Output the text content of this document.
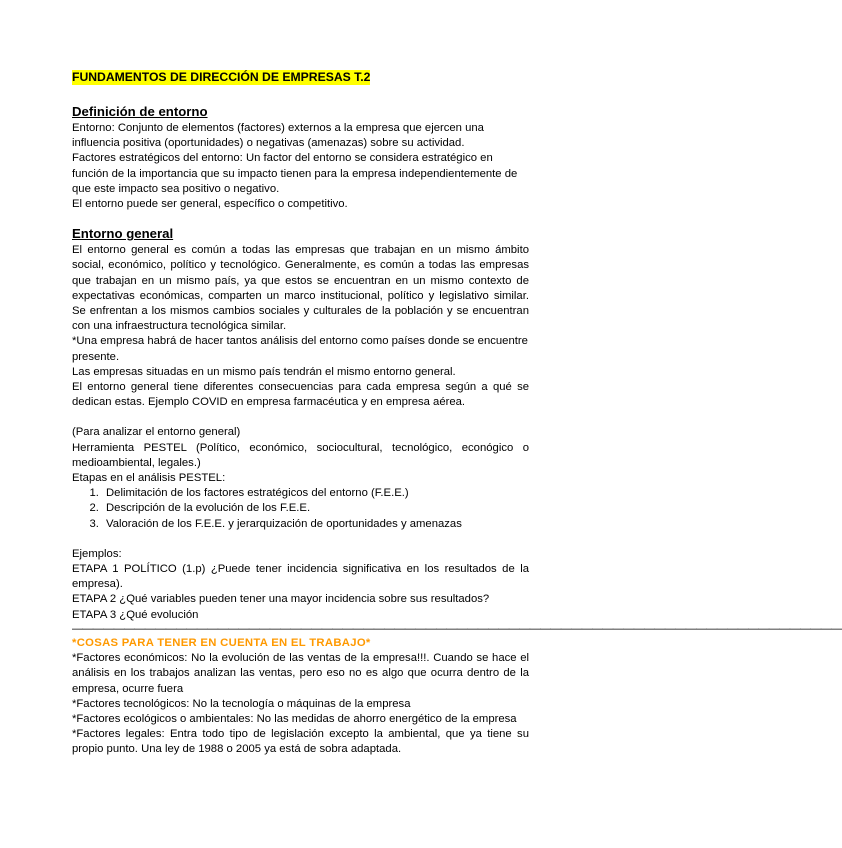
FUNDAMENTOS DE DIRECCIÓN DE EMPRESAS T.2
Definición de entorno

Entorno: Conjunto de elementos (factores) externos a la empresa que ejercen una influencia positiva (oportunidades) o negativas (amenazas) sobre su actividad.

Factores estratégicos del entorno: Un factor del entorno se considera estratégico en función de la importancia que su impacto tienen para la empresa independientemente de que este impacto sea positivo o negativo.

El entorno puede ser general, específico o competitivo.

Entorno general

El entorno general es común a todas las empresas que trabajan en un mismo ámbito social, económico, político y tecnológico. Generalmente, es común a todas las empresas que trabajan en un mismo país, ya que estos se encuentran en un mismo contexto de expectativas económicas, comparten un marco institucional, político y legislativo similar. Se enfrentan a los mismos cambios sociales y culturales de la población y se encuentran con una infraestructura tecnológica similar.

*Una empresa habrá de hacer tantos análisis del entorno como países donde se encuentre presente.

Las empresas situadas en un mismo país tendrán el mismo entorno general.

El entorno general tiene diferentes consecuencias para cada empresa según a qué se dedican estas. Ejemplo COVID en empresa farmacéutica y en empresa aérea.

(Para analizar el entorno general)

Herramienta PESTEL (Político, económico, sociocultural, tecnológico, econógico o medioambiental, legales.)

Etapas en el análisis PESTEL:

1. Delimitación de los factores estratégicos del entorno (F.E.E.)
2. Descripción de la evolución de los F.E.E.
3. Valoración de los F.E.E. y jerarquización de oportunidades y amenazas

Ejemplos:

ETAPA 1 POLÍTICO (1.p) ¿Puede tener incidencia significativa en los resultados de la empresa).

ETAPA 2 ¿Qué variables pueden tener una mayor incidencia sobre sus resultados?

ETAPA 3 ¿Qué evolución

——————————————————————————————————————————————————————————————————————————

*COSAS PARA TENER EN CUENTA EN EL TRABAJO*

*Factores económicos: No la evolución de las ventas de la empresa!!!. Cuando se hace el análisis en los trabajos analizan las ventas, pero eso no es algo que ocurra dentro de la empresa, ocurre fuera

*Factores tecnológicos: No la tecnología o máquinas de la empresa

*Factores ecológicos o ambientales: No las medidas de ahorro energético de la empresa

*Factores legales: Entra todo tipo de legislación excepto la ambiental, que ya tiene su propio punto. Una ley de 1988 o 2005 ya está de sobra adaptada.
